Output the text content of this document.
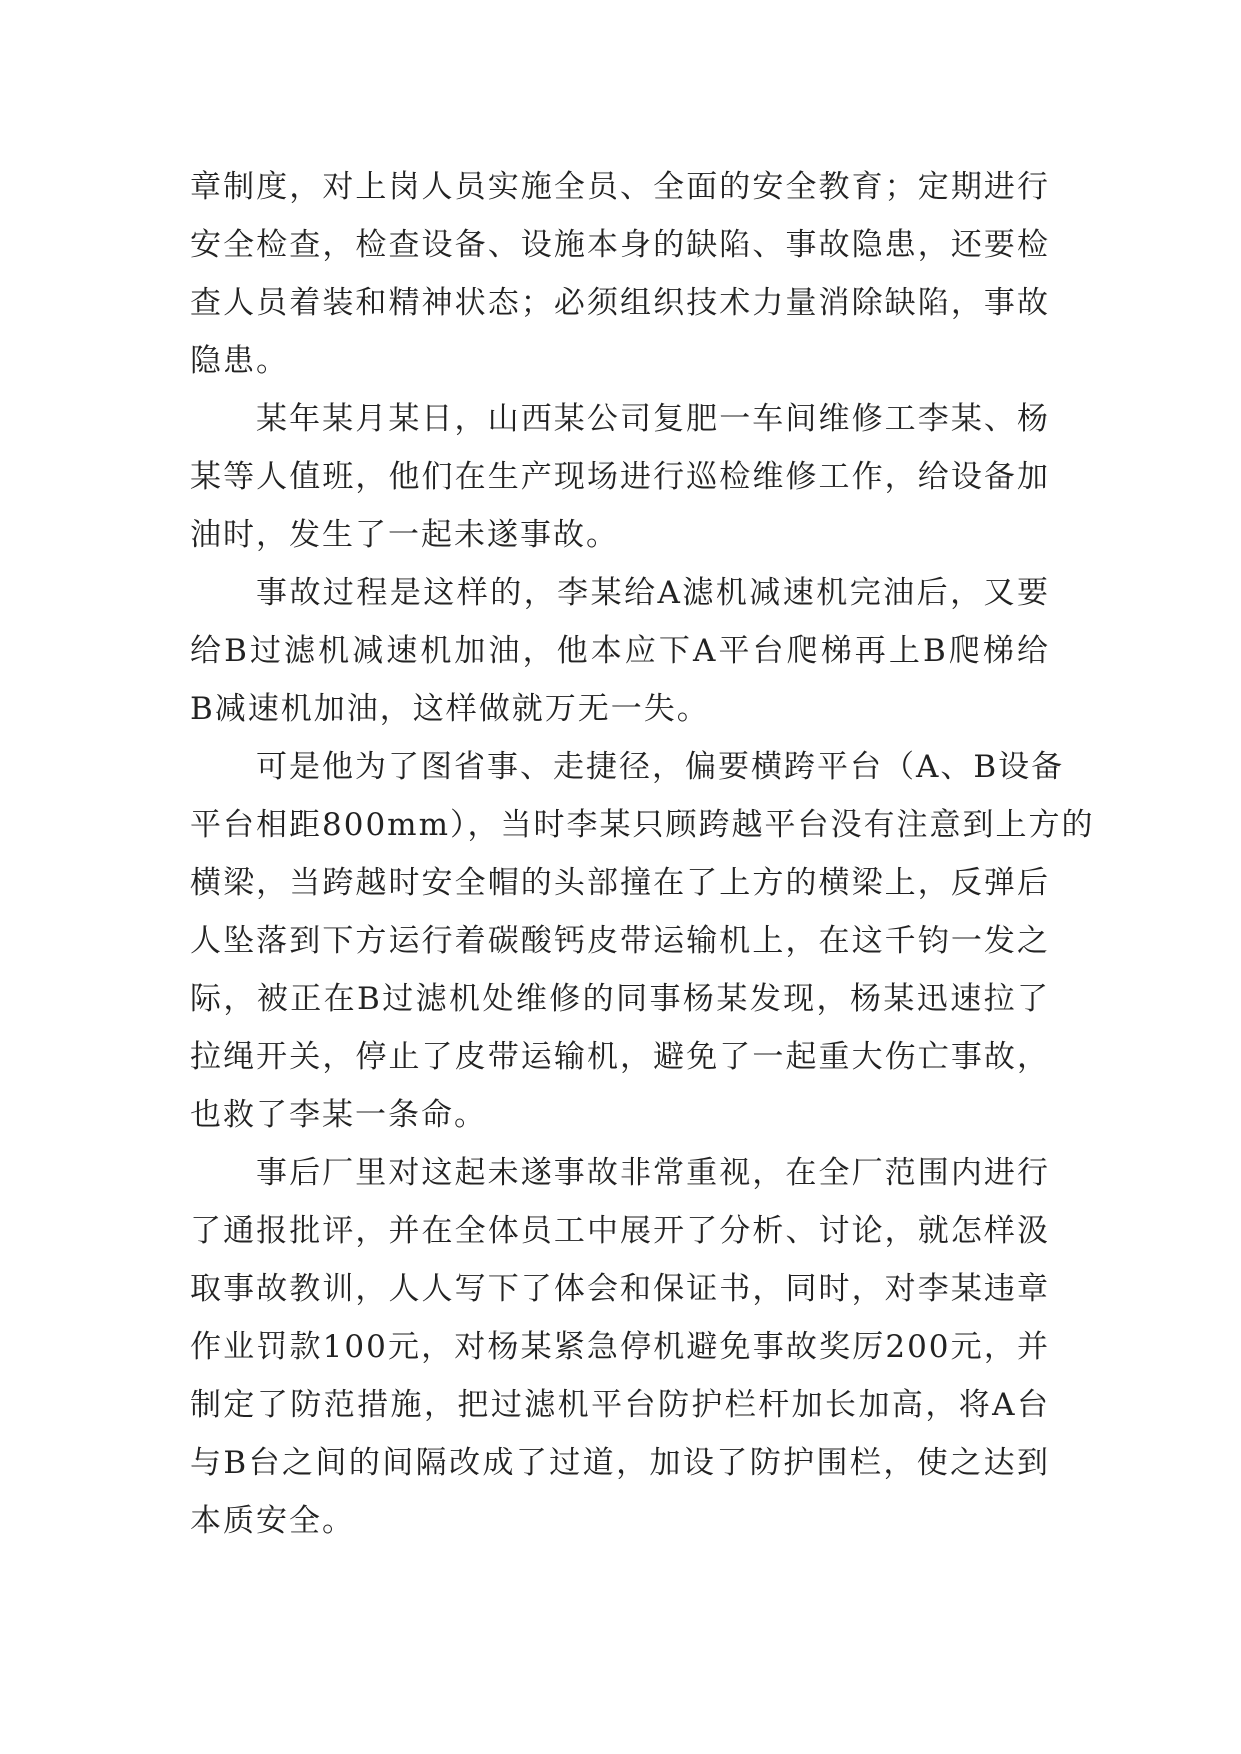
章制度，对上岗人员实施全员、全面的安全教育；定期进行
安全检查，检查设备、设施本身的缺陷、事故隐患，还要检
查人员着装和精神状态；必须组织技术力量消除缺陷，事故
隐患。
某年某月某日，山西某公司复肥一车间维修工李某、杨
某等人值班，他们在生产现场进行巡检维修工作，给设备加
油时，发生了一起未遂事故。
事故过程是这样的，李某给A滤机减速机完油后，又要
给B过滤机减速机加油，他本应下A平台爬梯再上B爬梯给
B减速机加油，这样做就万无一失。
可是他为了图省事、走捷径，偏要横跨平台（A、B设备
平台相距800mm），当时李某只顾跨越平台没有注意到上方的
横梁，当跨越时安全帽的头部撞在了上方的横梁上，反弹后
人坠落到下方运行着碳酸钙皮带运输机上，在这千钧一发之
际，被正在B过滤机处维修的同事杨某发现，杨某迅速拉了
拉绳开关，停止了皮带运输机，避免了一起重大伤亡事故，
也救了李某一条命。
事后厂里对这起未遂事故非常重视，在全厂范围内进行
了通报批评，并在全体员工中展开了分析、讨论，就怎样汲
取事故教训，人人写下了体会和保证书，同时，对李某违章
作业罚款100元，对杨某紧急停机避免事故奖厉200元，并
制定了防范措施，把过滤机平台防护栏杆加长加高，将A台
与B台之间的间隔改成了过道，加设了防护围栏，使之达到
本质安全。
